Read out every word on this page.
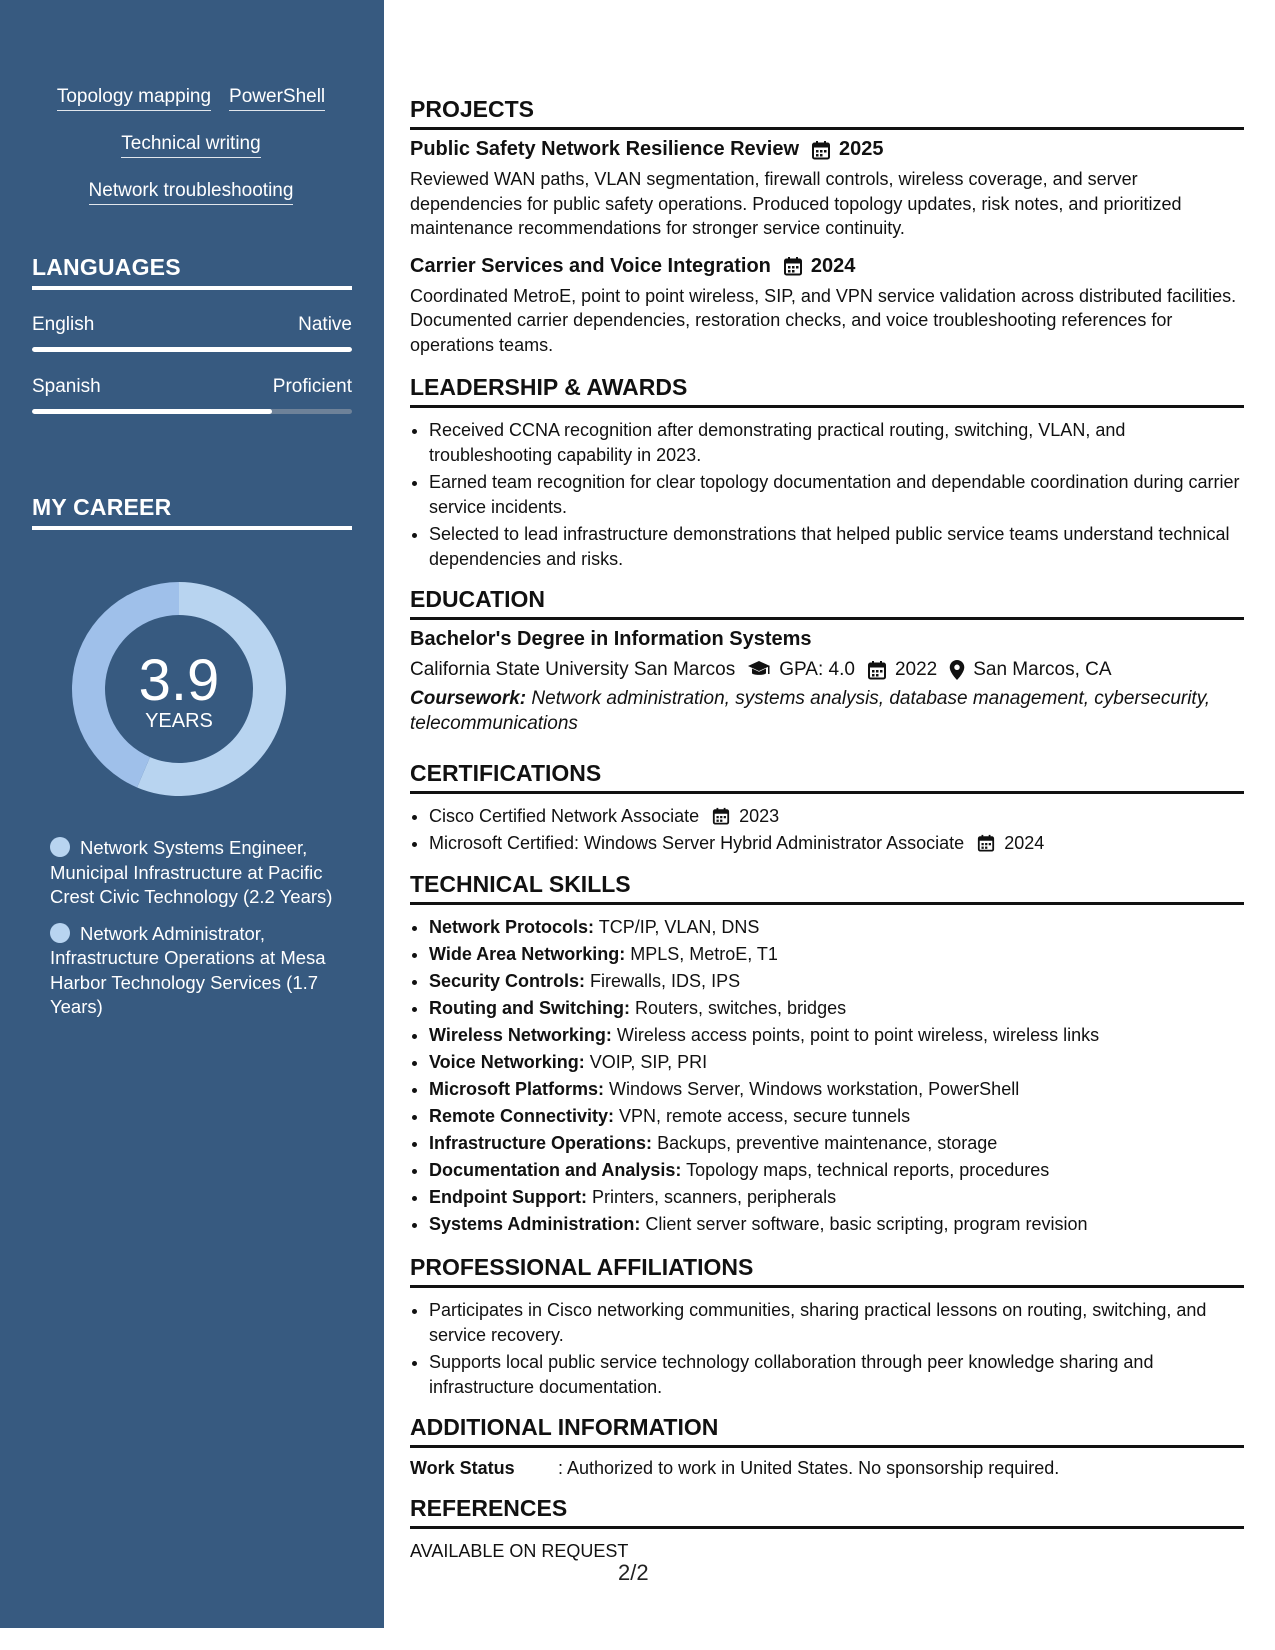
Topology mapping PowerShell
Technical writing
Network troubleshooting
LANGUAGES
English	Native
Spanish	Proficient
MY CAREER
3.9
YEARS
Network Systems Engineer, Municipal Infrastructure at Pacific Crest Civic Technology (2.2 Years)
Network Administrator, Infrastructure Operations at Mesa Harbor Technology Services (1.7 Years)
PROJECTS
Public Safety Network Resilience Review 2025
Reviewed WAN paths, VLAN segmentation, firewall controls, wireless coverage, and server dependencies for public safety operations. Produced topology updates, risk notes, and prioritized maintenance recommendations for stronger service continuity.
Carrier Services and Voice Integration 2024
Coordinated MetroE, point to point wireless, SIP, and VPN service validation across distributed facilities. Documented carrier dependencies, restoration checks, and voice troubleshooting references for operations teams.
LEADERSHIP & AWARDS
• Received CCNA recognition after demonstrating practical routing, switching, VLAN, and troubleshooting capability in 2023.
• Earned team recognition for clear topology documentation and dependable coordination during carrier service incidents.
• Selected to lead infrastructure demonstrations that helped public service teams understand technical dependencies and risks.
EDUCATION
Bachelor's Degree in Information Systems
California State University San Marcos GPA: 4.0 2022 San Marcos, CA
Coursework: Network administration, systems analysis, database management, cybersecurity, telecommunications
CERTIFICATIONS
• Cisco Certified Network Associate 2023
• Microsoft Certified: Windows Server Hybrid Administrator Associate 2024
TECHNICAL SKILLS
• Network Protocols: TCP/IP, VLAN, DNS
• Wide Area Networking: MPLS, MetroE, T1
• Security Controls: Firewalls, IDS, IPS
• Routing and Switching: Routers, switches, bridges
• Wireless Networking: Wireless access points, point to point wireless, wireless links
• Voice Networking: VOIP, SIP, PRI
• Microsoft Platforms: Windows Server, Windows workstation, PowerShell
• Remote Connectivity: VPN, remote access, secure tunnels
• Infrastructure Operations: Backups, preventive maintenance, storage
• Documentation and Analysis: Topology maps, technical reports, procedures
• Endpoint Support: Printers, scanners, peripherals
• Systems Administration: Client server software, basic scripting, program revision
PROFESSIONAL AFFILIATIONS
• Participates in Cisco networking communities, sharing practical lessons on routing, switching, and service recovery.
• Supports local public service technology collaboration through peer knowledge sharing and infrastructure documentation.
ADDITIONAL INFORMATION
Work Status	: Authorized to work in United States. No sponsorship required.
REFERENCES
AVAILABLE ON REQUEST
2/2
